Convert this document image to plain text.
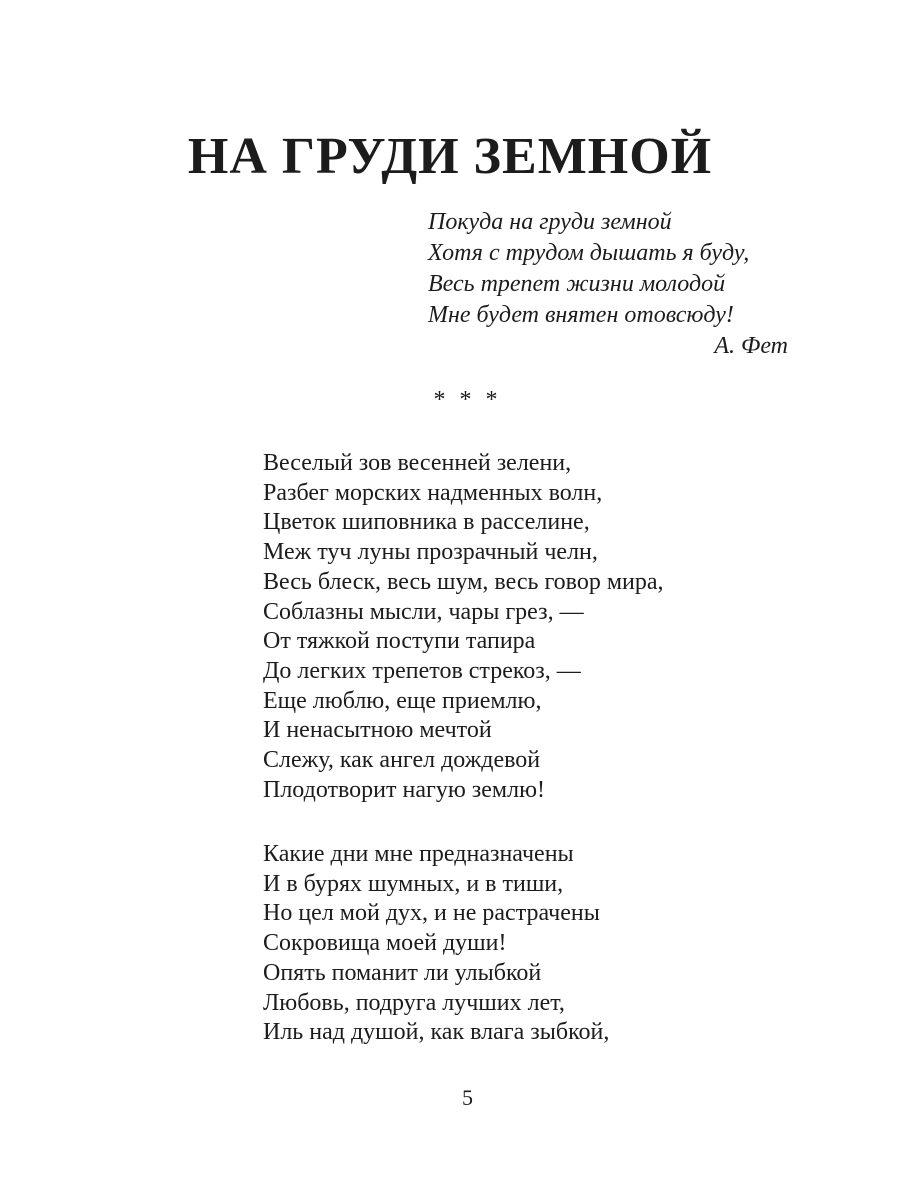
НА ГРУДИ ЗЕМНОЙ
Покуда на груди земной
Хотя с трудом дышать я буду,
Весь трепет жизни молодой
Мне будет внятен отовсюду!
А. Фет
* * *
Веселый зов весенней зелени,
Разбег морских надменных волн,
Цветок шиповника в расселине,
Меж туч луны прозрачный челн,
Весь блеск, весь шум, весь говор мира,
Соблазны мысли, чары грез, —
От тяжкой поступи тапира
До легких трепетов стрекоз, —
Еще люблю, еще приемлю,
И ненасытною мечтой
Слежу, как ангел дождевой
Плодотворит нагую землю!
Какие дни мне предназначены
И в бурях шумных, и в тиши,
Но цел мой дух, и не растрачены
Сокровища моей души!
Опять поманит ли улыбкой
Любовь, подруга лучших лет,
Иль над душой, как влага зыбкой,
5
